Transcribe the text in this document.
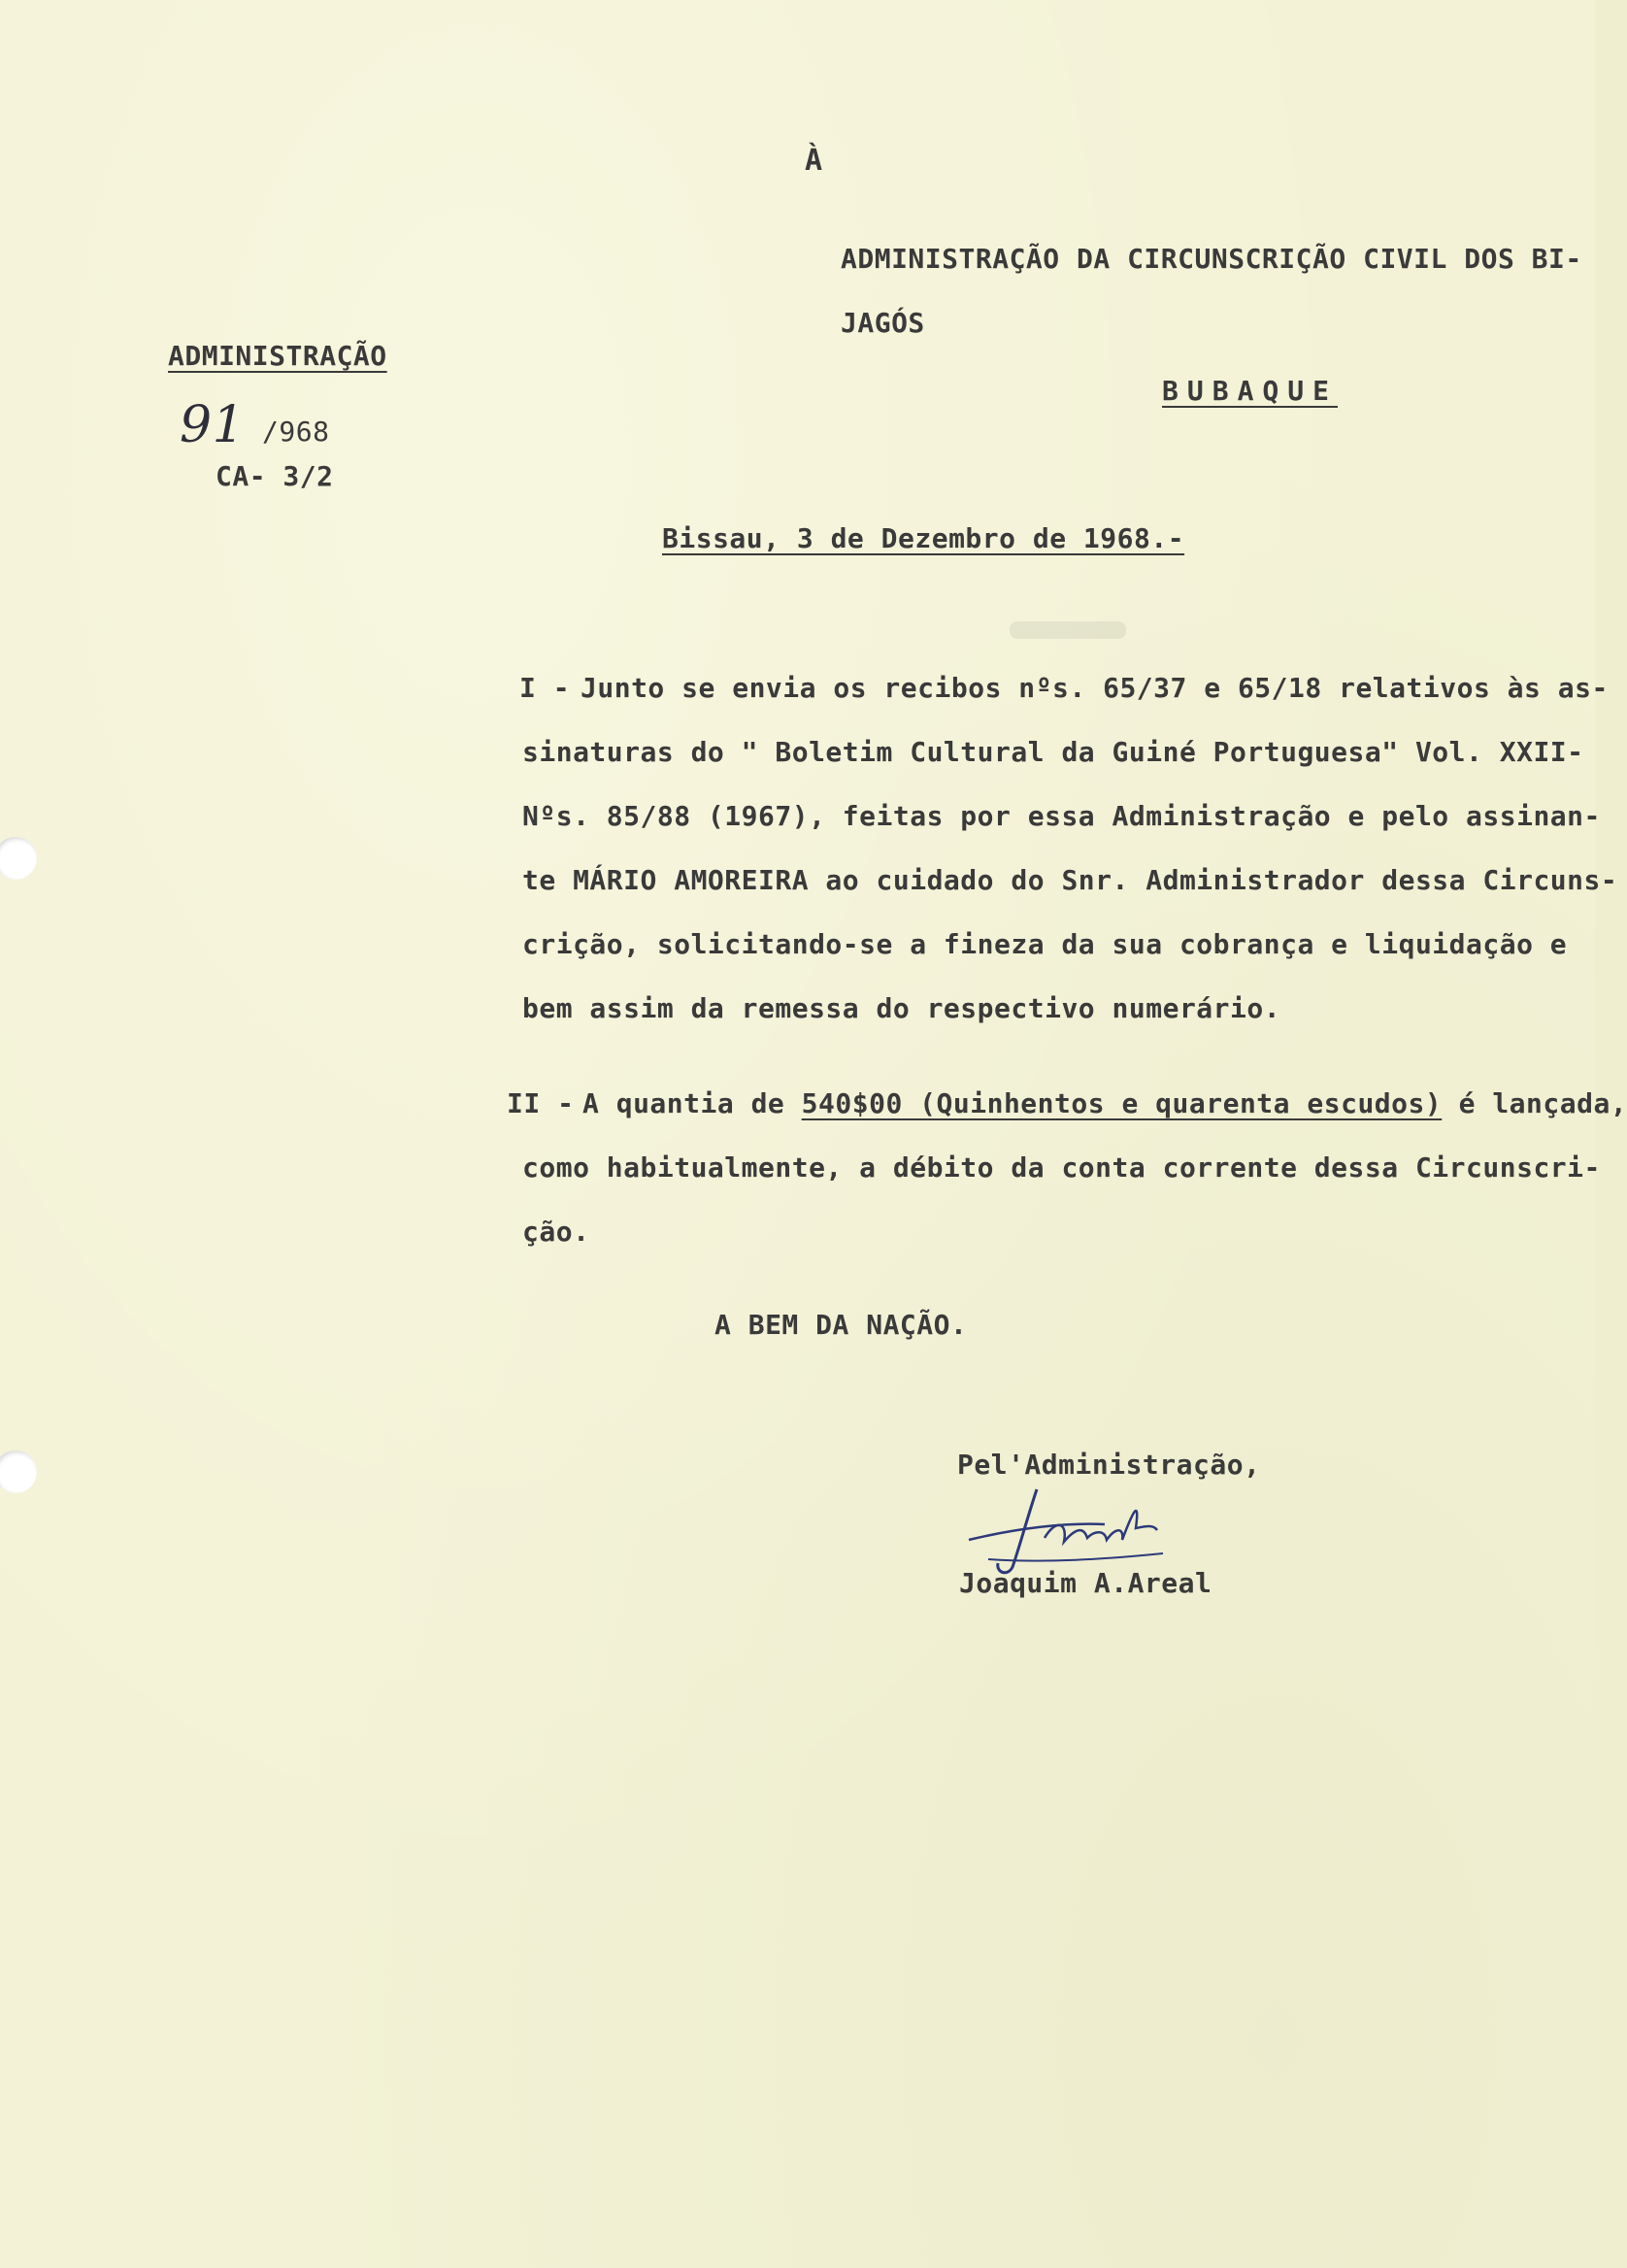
À
ADMINISTRAÇÃO DA CIRCUNSCRIÇÃO CIVIL DOS BI-
JAGÓS
BUBAQUE
ADMINISTRAÇÃO
91 /968
CA- 3/2
Bissau, 3 de Dezembro de 1968.-
I - Junto se envia os recibos nºs. 65/37 e 65/18 relativos às as-
sinaturas do " Boletim Cultural da Guiné Portuguesa" Vol. XXII-
Nºs. 85/88 (1967), feitas por essa Administração e pelo assinan-
te MÁRIO AMOREIRA ao cuidado do Snr. Administrador dessa Circuns-
crição, solicitando-se a fineza da sua cobrança e liquidação e
bem assim da remessa do respectivo numerário.
II - A quantia de 540$00 (Quinhentos e quarenta escudos) é lançada,
como habitualmente, a débito da conta corrente dessa Circunscri-
ção.
A BEM DA NAÇÃO.
Pel'Administração,
Joaquim A.Areal
